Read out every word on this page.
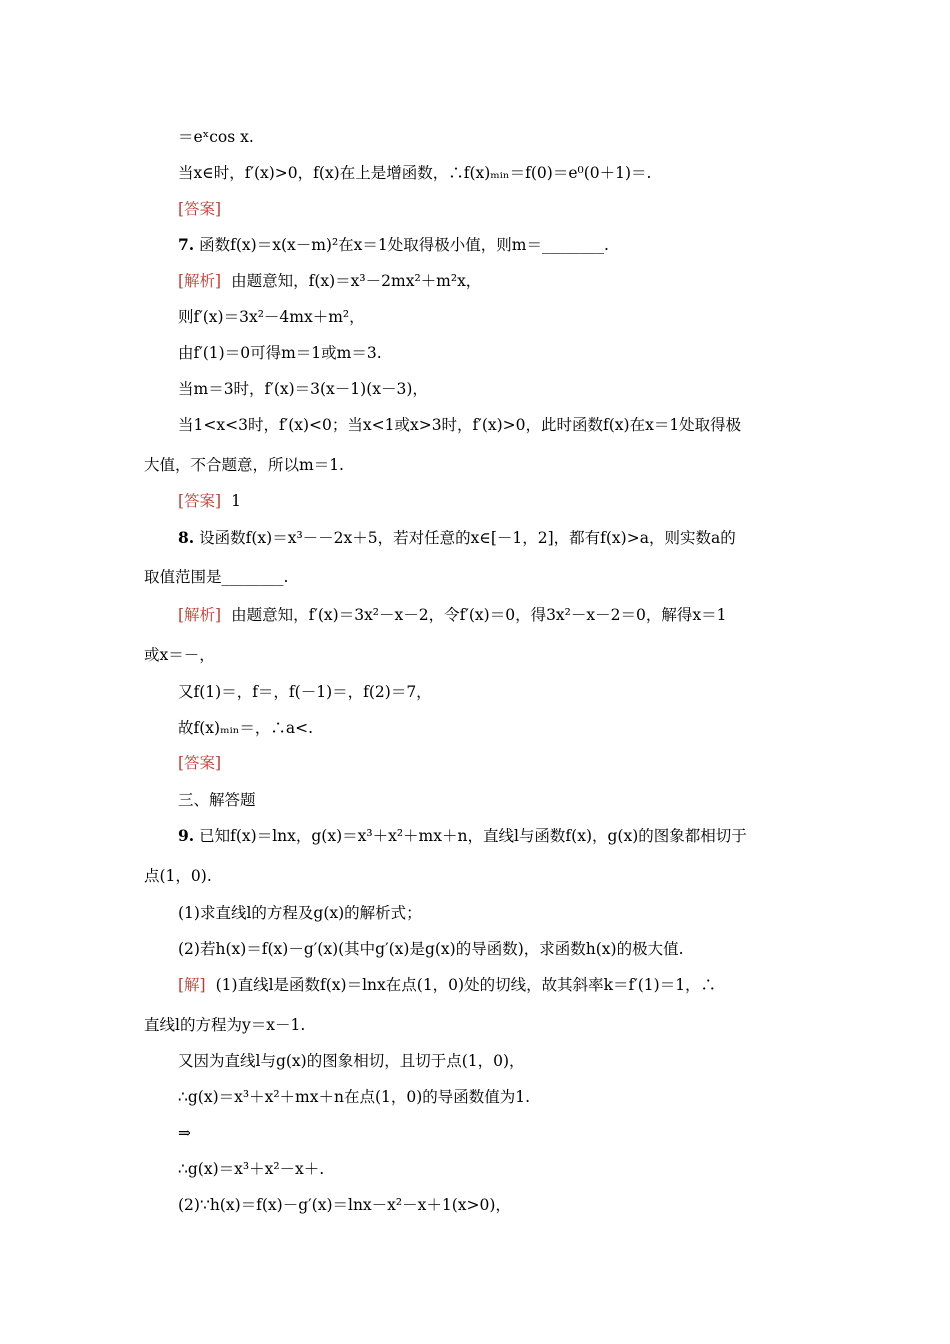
＝eˣcos x.
当x∈时，f′(x)>0，f(x)在上是增函数，∴f(x)ₘᵢₙ＝f(0)＝e⁰(0＋1)＝.
[答案]
7. 函数f(x)＝x(x－m)²在x＝1处取得极小值，则m＝________.
[解析] 由题意知，f(x)＝x³－2mx²＋m²x，
则f′(x)＝3x²－4mx＋m²，
由f′(1)＝0可得m＝1或m＝3.
当m＝3时，f′(x)＝3(x－1)(x－3)，
当1<x<3时，f′(x)<0；当x<1或x>3时，f′(x)>0，此时函数f(x)在x＝1处取得极
大值，不合题意，所以m＝1.
[答案] 1
8. 设函数f(x)＝x³－－2x＋5，若对任意的x∈[－1，2]，都有f(x)>a，则实数a的
取值范围是________.
[解析] 由题意知，f′(x)＝3x²－x－2，令f′(x)＝0，得3x²－x－2＝0，解得x＝1
或x＝－，
又f(1)＝，f＝，f(－1)＝，f(2)＝7，
故f(x)ₘᵢₙ＝，∴a<.
[答案]
三、解答题
9. 已知f(x)＝lnx，g(x)＝x³＋x²＋mx＋n，直线l与函数f(x)，g(x)的图象都相切于
点(1，0).
(1)求直线l的方程及g(x)的解析式；
(2)若h(x)＝f(x)－g′(x)(其中g′(x)是g(x)的导函数)，求函数h(x)的极大值.
[解] (1)直线l是函数f(x)＝lnx在点(1，0)处的切线，故其斜率k＝f′(1)＝1，∴
直线l的方程为y＝x－1.
又因为直线l与g(x)的图象相切，且切于点(1，0)，
∴g(x)＝x³＋x²＋mx＋n在点(1，0)的导函数值为1.
⇒
∴g(x)＝x³＋x²－x＋.
(2)∵h(x)＝f(x)－g′(x)＝lnx－x²－x＋1(x>0)，
